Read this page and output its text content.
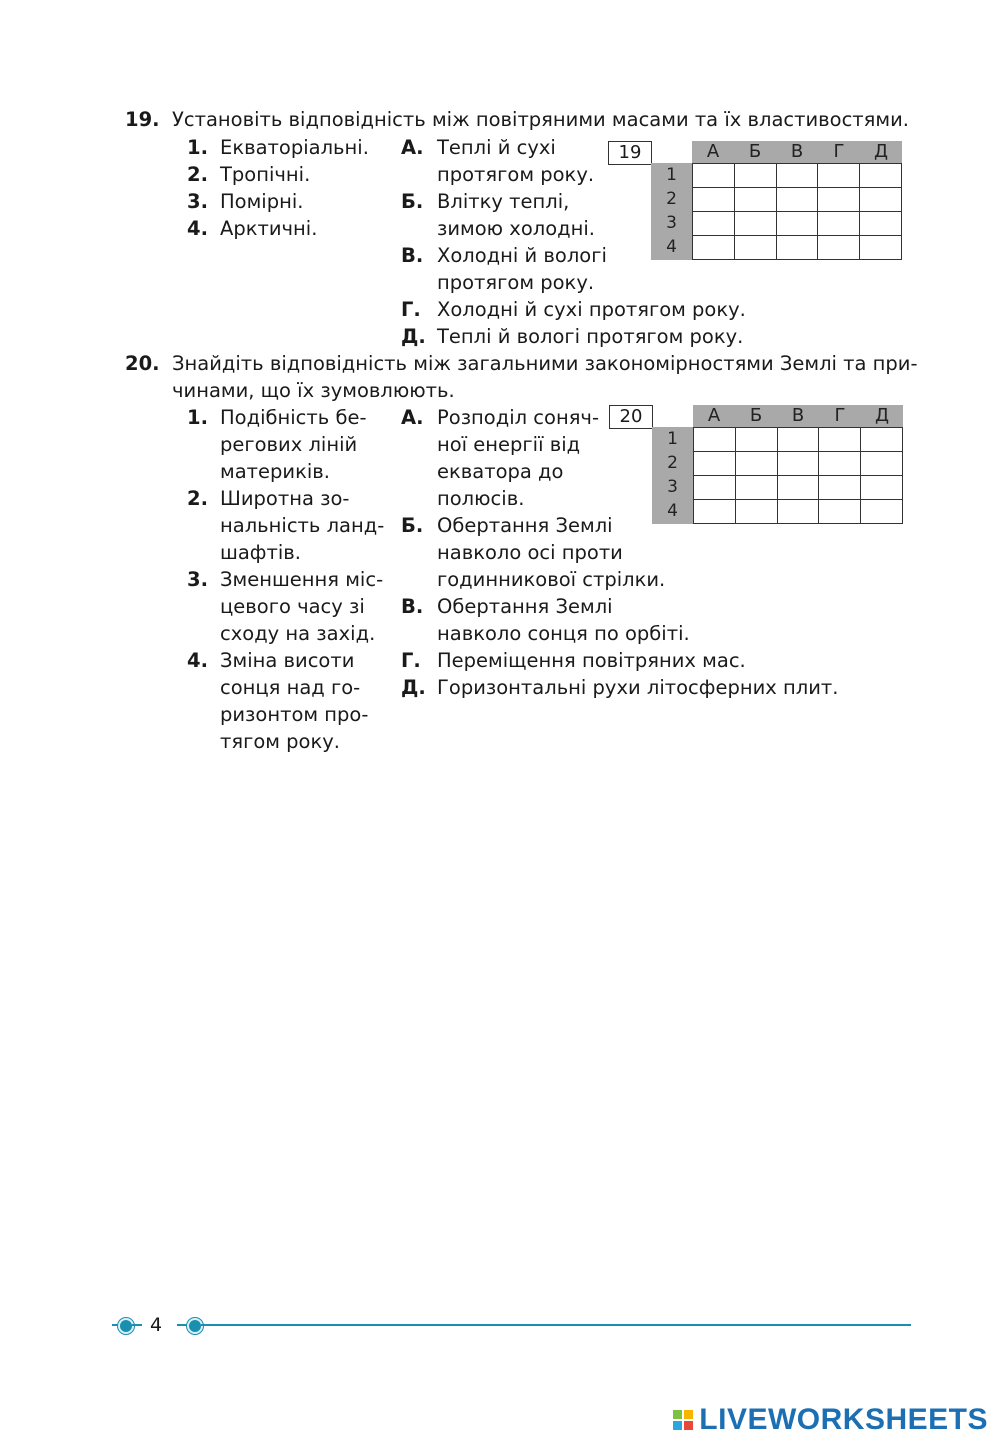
19. Установіть відповідність між повітряними масами та їх властивостями.
1. Екваторіальні.
2. Тропічні.
3. Помірні.
4. Арктичні.
А. Теплі й сухі
протягом року.
Б. Влітку теплі,
зимою холодні.
В. Холодні й вологі
протягом року.
Г. Холодні й сухі протягом року.
Д. Теплі й вологі протягом року.
19	А	Б	В	Г	Д
1
2
3
4
20. Знайдіть відповідність між загальними закономірностями Землі та при-
чинами, що їх зумовлюють.
1. Подібність бе-
регових ліній
материків.
2. Широтна зо-
нальність ланд-
шафтів.
3. Зменшення міс-
цевого часу зі
сходу на захід.
4. Зміна висоти
сонця над го-
ризонтом про-
тягом року.
А. Розподіл соняч-
ної енергії від
екватора до
полюсів.
Б. Обертання Землі
навколо осі проти
годинникової стрілки.
В. Обертання Землі
навколо сонця по орбіті.
Г. Переміщення повітряних мас.
Д. Горизонтальні рухи літосферних плит.
20	А	Б	В	Г	Д
1
2
3
4
4
LIVEWORKSHEETS
